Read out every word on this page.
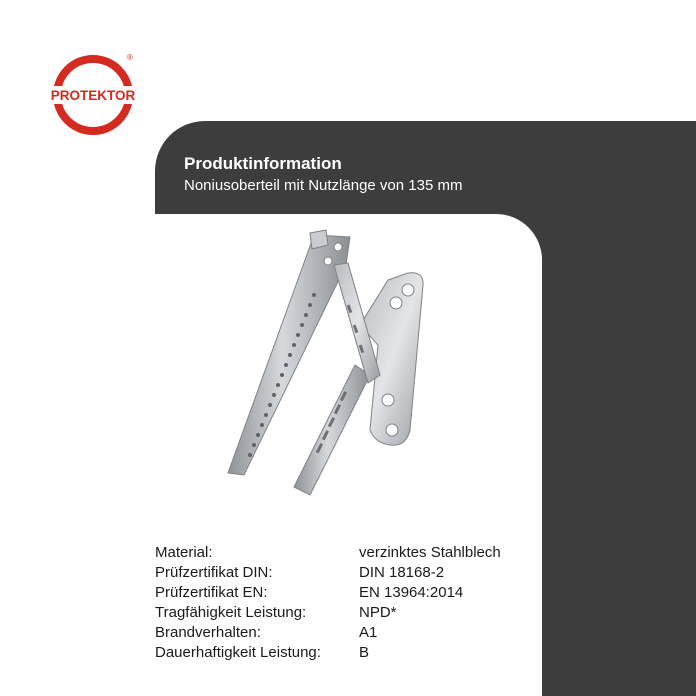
PROTEKTOR
®
Produktinformation
Noniusoberteil mit Nutzlänge von 135 mm
Material:	verzinktes Stahlblech
Prüfzertifikat DIN:	DIN 18168-2
Prüfzertifikat EN:	EN 13964:2014
Tragfähigkeit Leistung:	NPD*
Brandverhalten:	A1
Dauerhaftigkeit Leistung:	B
